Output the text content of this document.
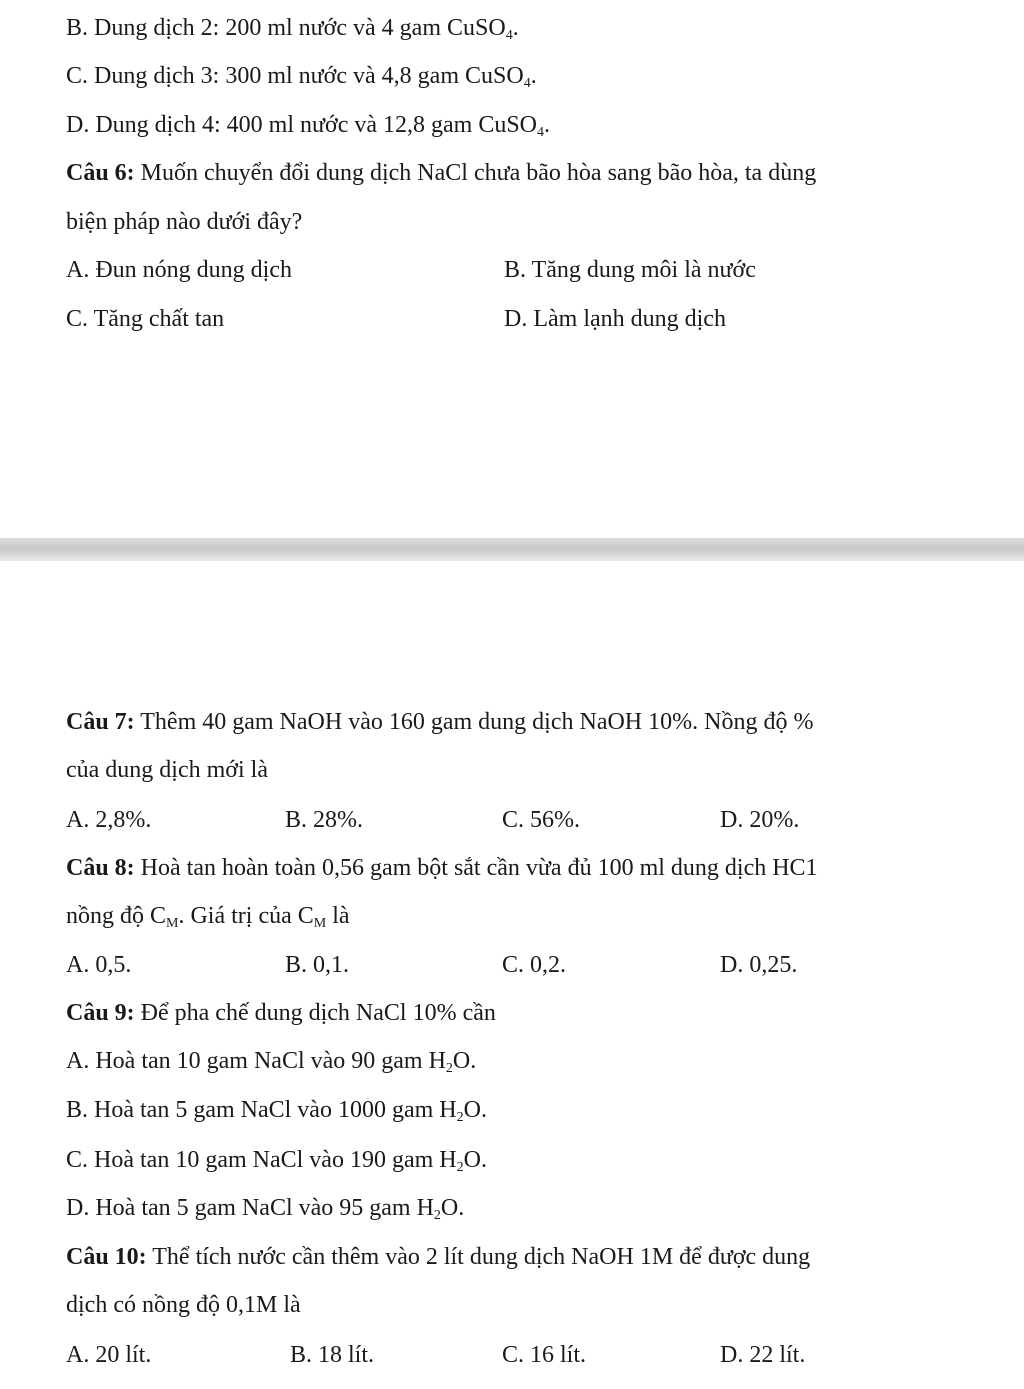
B. Dung dịch 2: 200 ml nước và 4 gam CuSO$_4$.
C. Dung dịch 3: 300 ml nước và 4,8 gam CuSO$_4$.
D. Dung dịch 4: 400 ml nước và 12,8 gam CuSO$_4$.
Câu 6: Muốn chuyển đổi dung dịch NaCl chưa bão hòa sang bão hòa, ta dùng
biện pháp nào dưới đây?
A. Đun nóng dung dịch	B. Tăng dung môi là nước
C. Tăng chất tan	D. Làm lạnh dung dịch
Câu 7: Thêm 40 gam NaOH vào 160 gam dung dịch NaOH 10%. Nồng độ %
của dung dịch mới là
A. 2,8%.	B. 28%.	C. 56%.	D. 20%.
Câu 8: Hoà tan hoàn toàn 0,56 gam bột sắt cần vừa đủ 100 ml dung dịch HC1
nồng độ $C_M$. Giá trị của $C_M$ là
A. 0,5.	B. 0,1.	C. 0,2.	D. 0,25.
Câu 9: Để pha chế dung dịch NaCl 10% cần
A. Hoà tan 10 gam NaCl vào 90 gam $H_2O$.
B. Hoà tan 5 gam NaCl vào 1000 gam $H_2O$.
C. Hoà tan 10 gam NaCl vào 190 gam $H_2O$.
D. Hoà tan 5 gam NaCl vào 95 gam $H_2O$.
Câu 10: Thể tích nước cần thêm vào 2 lít dung dịch NaOH 1M để được dung
dịch có nồng độ 0,1M là
A. 20 lít.	B. 18 lít.	C. 16 lít.	D. 22 lít.
